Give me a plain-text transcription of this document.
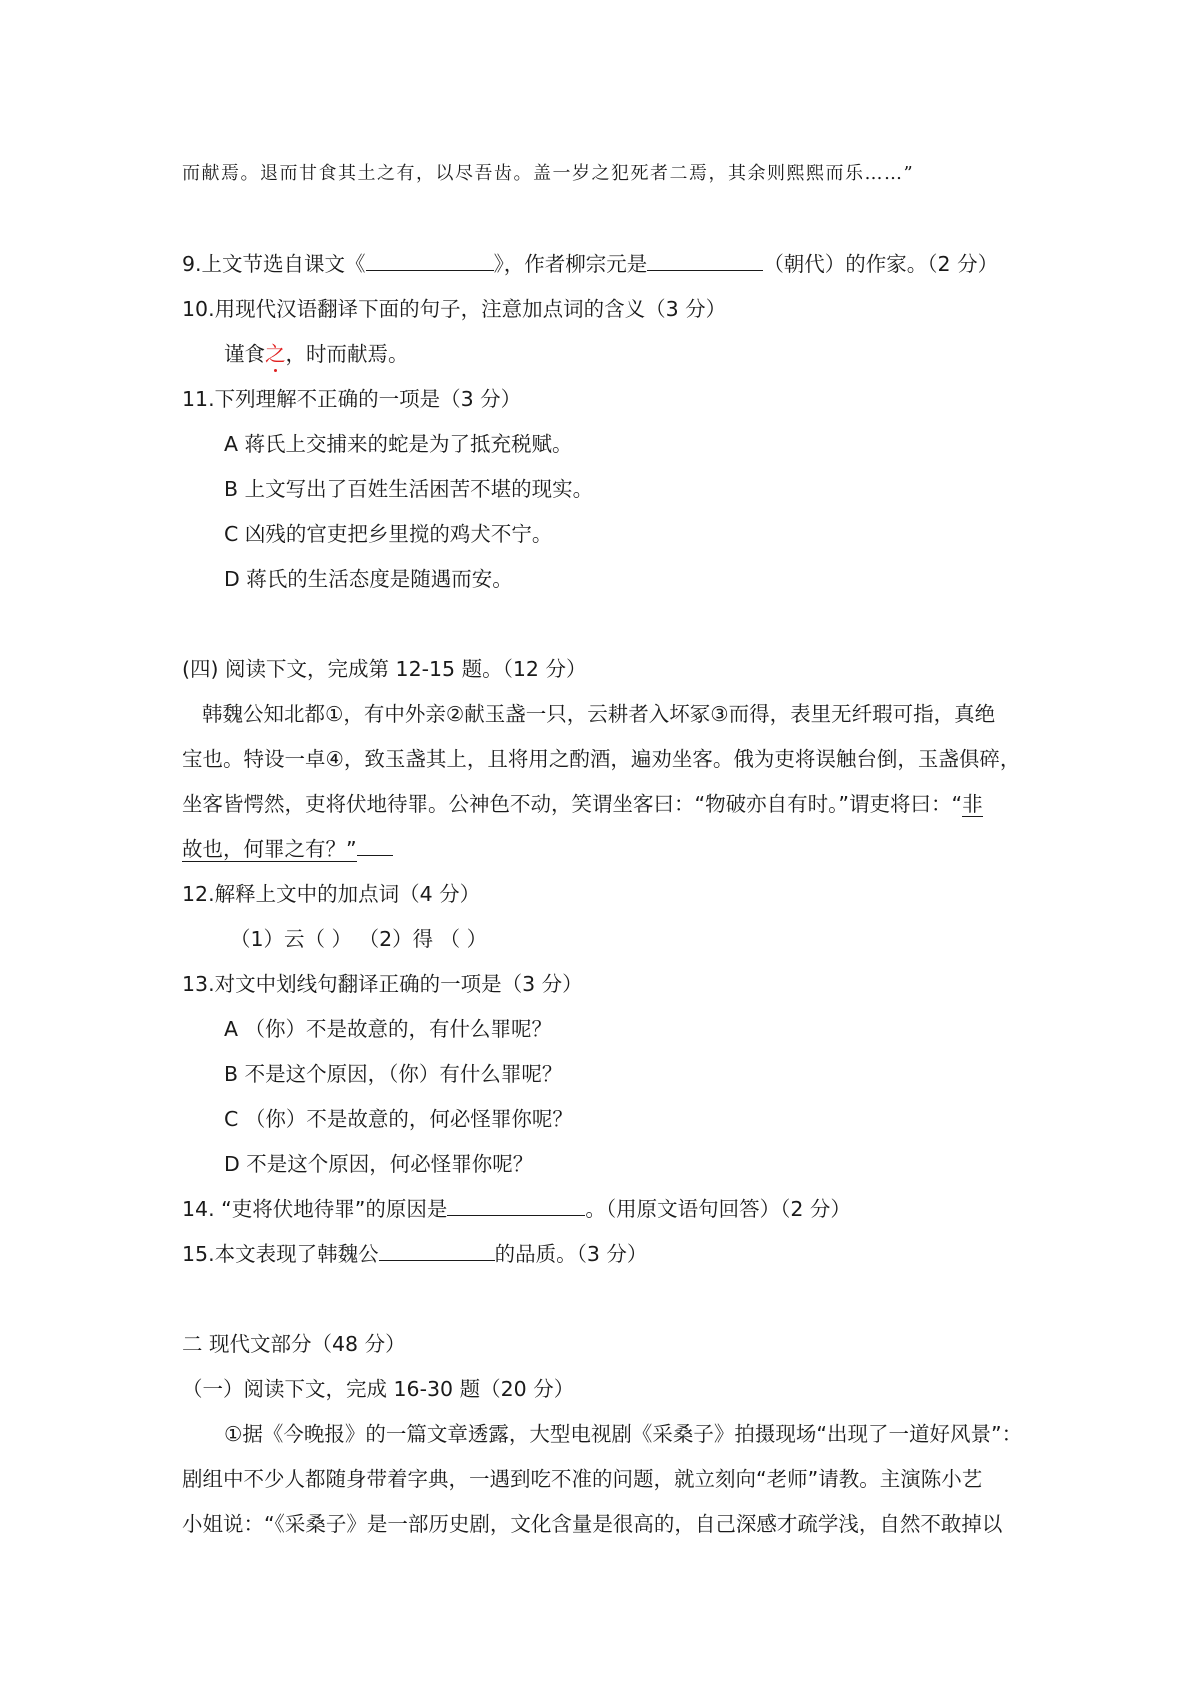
而献焉。退而甘食其土之有，以尽吾齿。盖一岁之犯死者二焉，其余则熙熙而乐……”
9.上文节选自课文《	》，作者柳宗元是	（朝代）的作家。（2 分）
10.用现代汉语翻译下面的句子，注意加点词的含义（3 分）
谨食之，时而献焉。
11.下列理解不正确的一项是（3 分）
A 蒋氏上交捕来的蛇是为了抵充税赋。
B 上文写出了百姓生活困苦不堪的现实。
C 凶残的官吏把乡里搅的鸡犬不宁。
D 蒋氏的生活态度是随遇而安。
(四) 阅读下文，完成第 12-15 题。（12 分）
韩魏公知北都①，有中外亲②献玉盏一只，云耕者入坏冢③而得，表里无纤瑕可指，真绝
宝也。特设一卓④，致玉盏其上，且将用之酌酒，遍劝坐客。俄为吏将误触台倒，玉盏俱碎，
坐客皆愕然，吏将伏地待罪。公神色不动，笑谓坐客曰：“物破亦自有时。”谓吏将曰：“非
故也，何罪之有？”
12.解释上文中的加点词（4 分）
（1）云（ ） （2）得 （ ）
13.对文中划线句翻译正确的一项是（3 分）
A （你）不是故意的，有什么罪呢？
B 不是这个原因，（你）有什么罪呢？
C （你）不是故意的，何必怪罪你呢？
D 不是这个原因，何必怪罪你呢？
14. “吏将伏地待罪”的原因是	。（用原文语句回答）（2 分）
15.本文表现了韩魏公	的品质。（3 分）
二 现代文部分（48 分）
（一）阅读下文，完成 16-30 题（20 分）
①据《今晚报》的一篇文章透露，大型电视剧《采桑子》拍摄现场“出现了一道好风景”：
剧组中不少人都随身带着字典，一遇到吃不准的问题，就立刻向“老师”请教。主演陈小艺
小姐说：“《采桑子》是一部历史剧，文化含量是很高的，自己深感才疏学浅，自然不敢掉以
